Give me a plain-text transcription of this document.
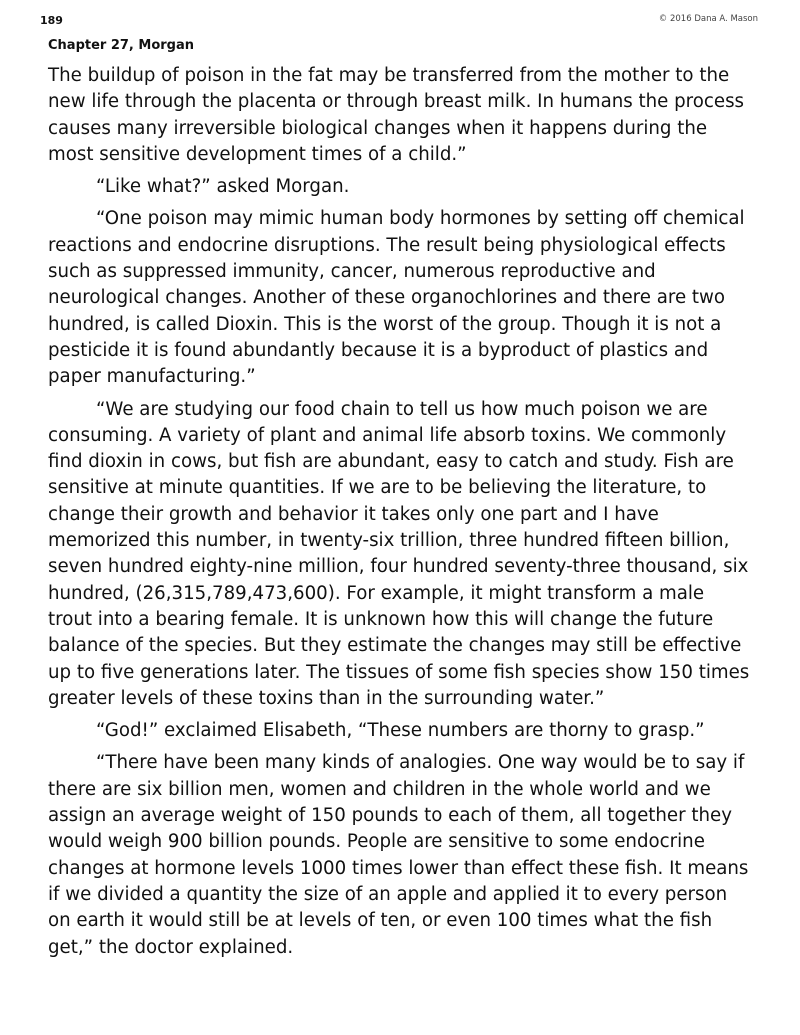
189	© 2016 Dana A. Mason
Chapter 27, Morgan

The buildup of poison in the fat may be transferred from the mother to the new life through the placenta or through breast milk. In humans the process causes many irreversible biological changes when it happens during the most sensitive development times of a child.”

“Like what?” asked Morgan.

“One poison may mimic human body hormones by setting off chemical reactions and endocrine disruptions. The result being physiological effects such as suppressed immunity, cancer, numerous reproductive and neurological changes. Another of these organochlorines and there are two hundred, is called Dioxin. This is the worst of the group. Though it is not a pesticide it is found abundantly because it is a byproduct of plastics and paper manufacturing.”

“We are studying our food chain to tell us how much poison we are consuming. A variety of plant and animal life absorb toxins. We commonly find dioxin in cows, but fish are abundant, easy to catch and study. Fish are sensitive at minute quantities. If we are to be believing the literature, to change their growth and behavior it takes only one part and I have memorized this number, in twenty-six trillion, three hundred fifteen billion, seven hundred eighty-nine million, four hundred seventy-three thousand, six hundred, (26,315,789,473,600). For example, it might transform a male trout into a bearing female. It is unknown how this will change the future balance of the species. But they estimate the changes may still be effective up to five generations later. The tissues of some fish species show 150 times greater levels of these toxins than in the surrounding water.”

“God!” exclaimed Elisabeth, “These numbers are thorny to grasp.”

“There have been many kinds of analogies. One way would be to say if there are six billion men, women and children in the whole world and we assign an average weight of 150 pounds to each of them, all together they would weigh 900 billion pounds. People are sensitive to some endocrine changes at hormone levels 1000 times lower than effect these fish. It means if we divided a quantity the size of an apple and applied it to every person on earth it would still be at levels of ten, or even 100 times what the fish get,” the doctor explained.
